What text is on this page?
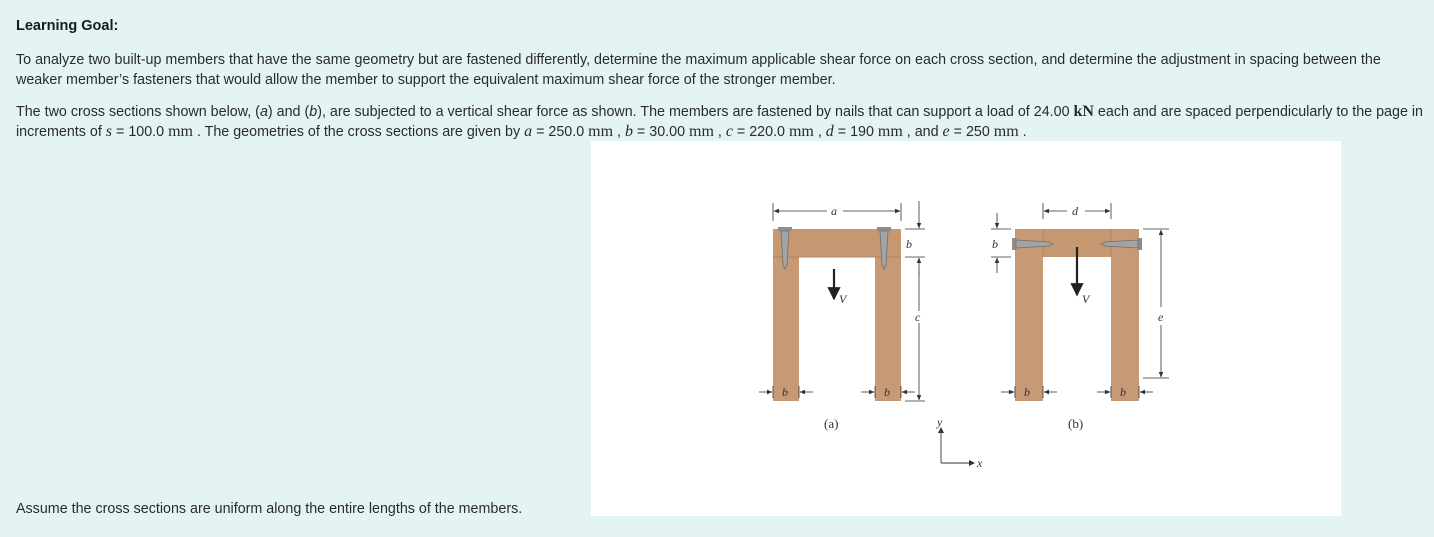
Learning Goal:
To analyze two built-up members that have the same geometry but are fastened differently, determine the maximum applicable shear force on each cross section, and determine the adjustment in spacing between the weaker member’s fasteners that would allow the member to support the equivalent maximum shear force of the stronger member.
The two cross sections shown below, (a) and (b), are subjected to a vertical shear force as shown. The members are fastened by nails that can support a load of 24.00 kN each and are spaced perpendicularly to the page in increments of s = 100.0 mm . The geometries of the cross sections are given by a = 250.0 mm , b = 30.00 mm , c = 220.0 mm , d = 190 mm , and e = 250 mm .
V
a
b
c
b	b
(a)
V
d
b
e
b	b
(b)
y
x
Assume the cross sections are uniform along the entire lengths of the members.
